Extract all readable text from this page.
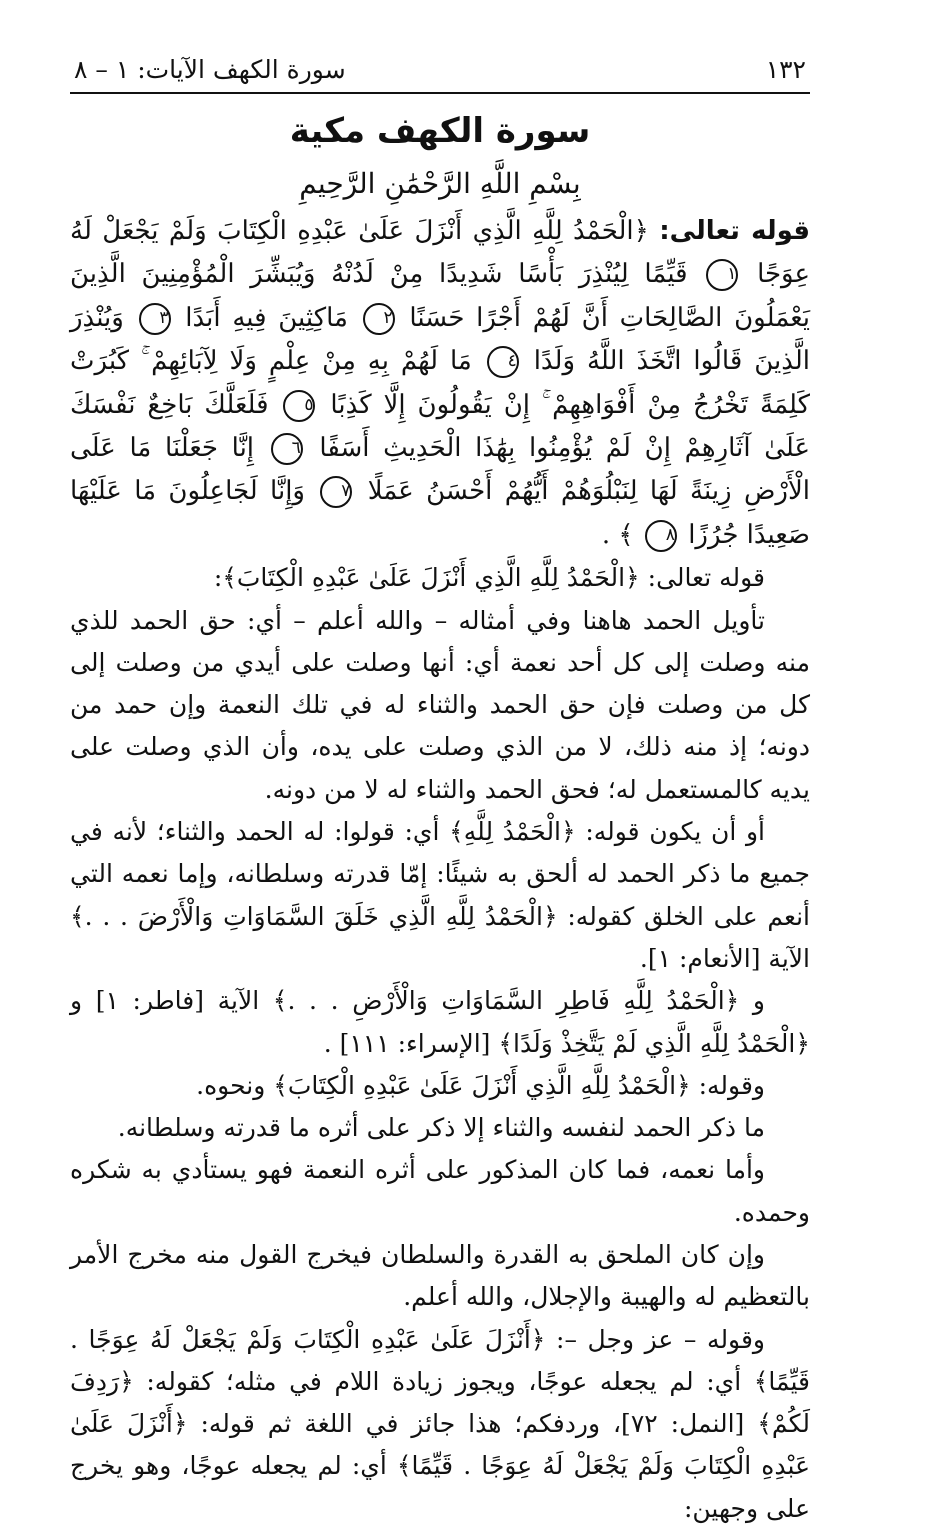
١٣٢
سورة الكهف الآيات: ١ – ٨
سورة الكهف مكية
بِسْمِ اللَّهِ الرَّحْمَٰنِ الرَّحِيمِ

قوله تعالى: ﴿الْحَمْدُ لِلَّهِ الَّذِي أَنْزَلَ عَلَىٰ عَبْدِهِ الْكِتَابَ وَلَمْ يَجْعَلْ لَهُ عِوَجًا ١ قَيِّمًا لِيُنْذِرَ بَأْسًا شَدِيدًا مِنْ لَدُنْهُ وَيُبَشِّرَ الْمُؤْمِنِينَ الَّذِينَ يَعْمَلُونَ الصَّالِحَاتِ أَنَّ لَهُمْ أَجْرًا حَسَنًا ٢ مَاكِثِينَ فِيهِ أَبَدًا ٣ وَيُنْذِرَ الَّذِينَ قَالُوا اتَّخَذَ اللَّهُ وَلَدًا ٤ مَا لَهُمْ بِهِ مِنْ عِلْمٍ وَلَا لِآبَائِهِمْ ۚ كَبُرَتْ كَلِمَةً تَخْرُجُ مِنْ أَفْوَاهِهِمْ ۚ إِنْ يَقُولُونَ إِلَّا كَذِبًا ٥ فَلَعَلَّكَ بَاخِعٌ نَفْسَكَ عَلَىٰ آثَارِهِمْ إِنْ لَمْ يُؤْمِنُوا بِهَٰذَا الْحَدِيثِ أَسَفًا ٦ إِنَّا جَعَلْنَا مَا عَلَى الْأَرْضِ زِينَةً لَهَا لِنَبْلُوَهُمْ أَيُّهُمْ أَحْسَنُ عَمَلًا ٧ وَإِنَّا لَجَاعِلُونَ مَا عَلَيْهَا صَعِيدًا جُرُزًا ٨ ﴾ .

قوله تعالى: ﴿الْحَمْدُ لِلَّهِ الَّذِي أَنْزَلَ عَلَىٰ عَبْدِهِ الْكِتَابَ﴾:

تأويل الحمد هاهنا وفي أمثاله – والله أعلم – أي: حق الحمد للذي منه وصلت إلى كل أحد نعمة أي: أنها وصلت على أيدي من وصلت إلى كل من وصلت فإن حق الحمد والثناء له في تلك النعمة وإن حمد من دونه؛ إذ منه ذلك، لا من الذي وصلت على يده، وأن الذي وصلت على يديه كالمستعمل له؛ فحق الحمد والثناء له لا من دونه.

أو أن يكون قوله: ﴿الْحَمْدُ لِلَّهِ﴾ أي: قولوا: له الحمد والثناء؛ لأنه في جميع ما ذكر الحمد له ألحق به شيئًا: إمّا قدرته وسلطانه، وإما نعمه التي أنعم على الخلق كقوله: ﴿الْحَمْدُ لِلَّهِ الَّذِي خَلَقَ السَّمَاوَاتِ وَالْأَرْضَ . . .﴾ الآية [الأنعام: ١].

و ﴿الْحَمْدُ لِلَّهِ فَاطِرِ السَّمَاوَاتِ وَالْأَرْضِ . . .﴾ الآية [فاطر: ١] و ﴿الْحَمْدُ لِلَّهِ الَّذِي لَمْ يَتَّخِذْ وَلَدًا﴾ [الإسراء: ١١١] .

وقوله: ﴿الْحَمْدُ لِلَّهِ الَّذِي أَنْزَلَ عَلَىٰ عَبْدِهِ الْكِتَابَ﴾ ونحوه.

ما ذكر الحمد لنفسه والثناء إلا ذكر على أثره ما قدرته وسلطانه.

وأما نعمه، فما كان المذكور على أثره النعمة فهو يستأدي به شكره وحمده.

وإن كان الملحق به القدرة والسلطان فيخرج القول منه مخرج الأمر بالتعظيم له والهيبة والإجلال، والله أعلم.

وقوله – عز وجل –: ﴿أَنْزَلَ عَلَىٰ عَبْدِهِ الْكِتَابَ وَلَمْ يَجْعَلْ لَهُ عِوَجًا . قَيِّمًا﴾ أي: لم يجعله عوجًا، ويجوز زيادة اللام في مثله؛ كقوله: ﴿رَدِفَ لَكُمْ﴾ [النمل: ٧٢]، وردفكم؛ هذا جائز في اللغة ثم قوله: ﴿أَنْزَلَ عَلَىٰ عَبْدِهِ الْكِتَابَ وَلَمْ يَجْعَلْ لَهُ عِوَجًا . قَيِّمًا﴾ أي: لم يجعله عوجًا، وهو يخرج على وجهين:
